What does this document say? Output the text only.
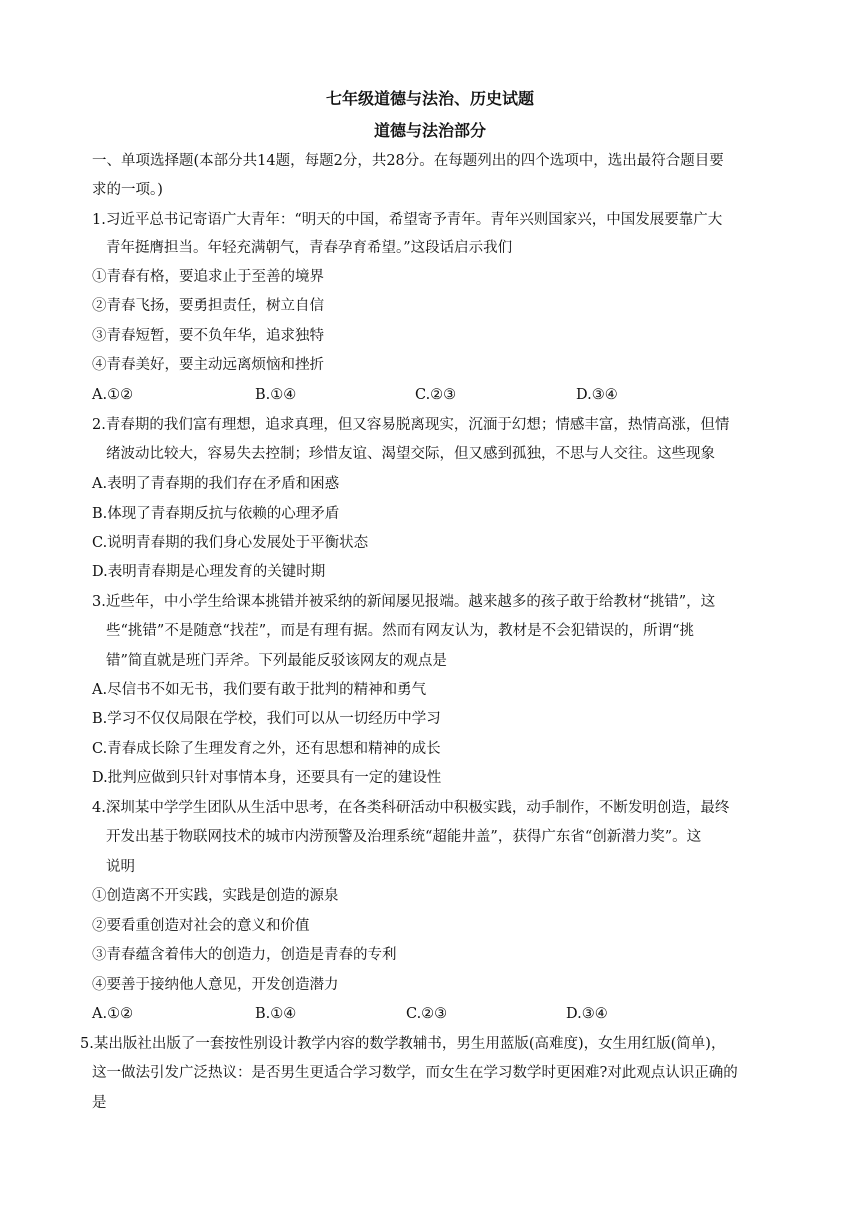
七年级道德与法治、历史试题
道德与法治部分
一、单项选择题(本部分共14题，每题2分，共28分。在每题列出的四个选项中，选出最符合题目要
求的一项。)
1.习近平总书记寄语广大青年：“明天的中国，希望寄予青年。青年兴则国家兴，中国发展要靠广大
青年挺膺担当。年轻充满朝气，青春孕育希望。”这段话启示我们
①青春有格，要追求止于至善的境界
②青春飞扬，要勇担责任，树立自信
③青春短暂，要不负年华，追求独特
④青春美好，要主动远离烦恼和挫折
A.①②	B.①④	C.②③	D.③④
2.青春期的我们富有理想，追求真理，但又容易脱离现实，沉湎于幻想；情感丰富，热情高涨，但情
绪波动比较大，容易失去控制；珍惜友谊、渴望交际，但又感到孤独，不思与人交往。这些现象
A.表明了青春期的我们存在矛盾和困惑
B.体现了青春期反抗与依赖的心理矛盾
C.说明青春期的我们身心发展处于平衡状态
D.表明青春期是心理发育的关键时期
3.近些年，中小学生给课本挑错并被采纳的新闻屡见报端。越来越多的孩子敢于给教材“挑错”，这
些“挑错”不是随意“找茬”，而是有理有据。然而有网友认为，教材是不会犯错误的，所谓“挑
错”简直就是班门弄斧。下列最能反驳该网友的观点是
A.尽信书不如无书，我们要有敢于批判的精神和勇气
B.学习不仅仅局限在学校，我们可以从一切经历中学习
C.青春成长除了生理发育之外，还有思想和精神的成长
D.批判应做到只针对事情本身，还要具有一定的建设性
4.深圳某中学学生团队从生活中思考，在各类科研活动中积极实践，动手制作，不断发明创造，最终
开发出基于物联网技术的城市内涝预警及治理系统“超能井盖”，获得广东省“创新潜力奖”。这
说明
①创造离不开实践，实践是创造的源泉
②要看重创造对社会的意义和价值
③青春蕴含着伟大的创造力，创造是青春的专利
④要善于接纳他人意见，开发创造潜力
A.①②	B.①④	C.②③	D.③④
5.某出版社出版了一套按性别设计教学内容的数学教辅书，男生用蓝版(高难度)，女生用红版(简单)，
这一做法引发广泛热议：是否男生更适合学习数学，而女生在学习数学时更困难?对此观点认识正确的
是
